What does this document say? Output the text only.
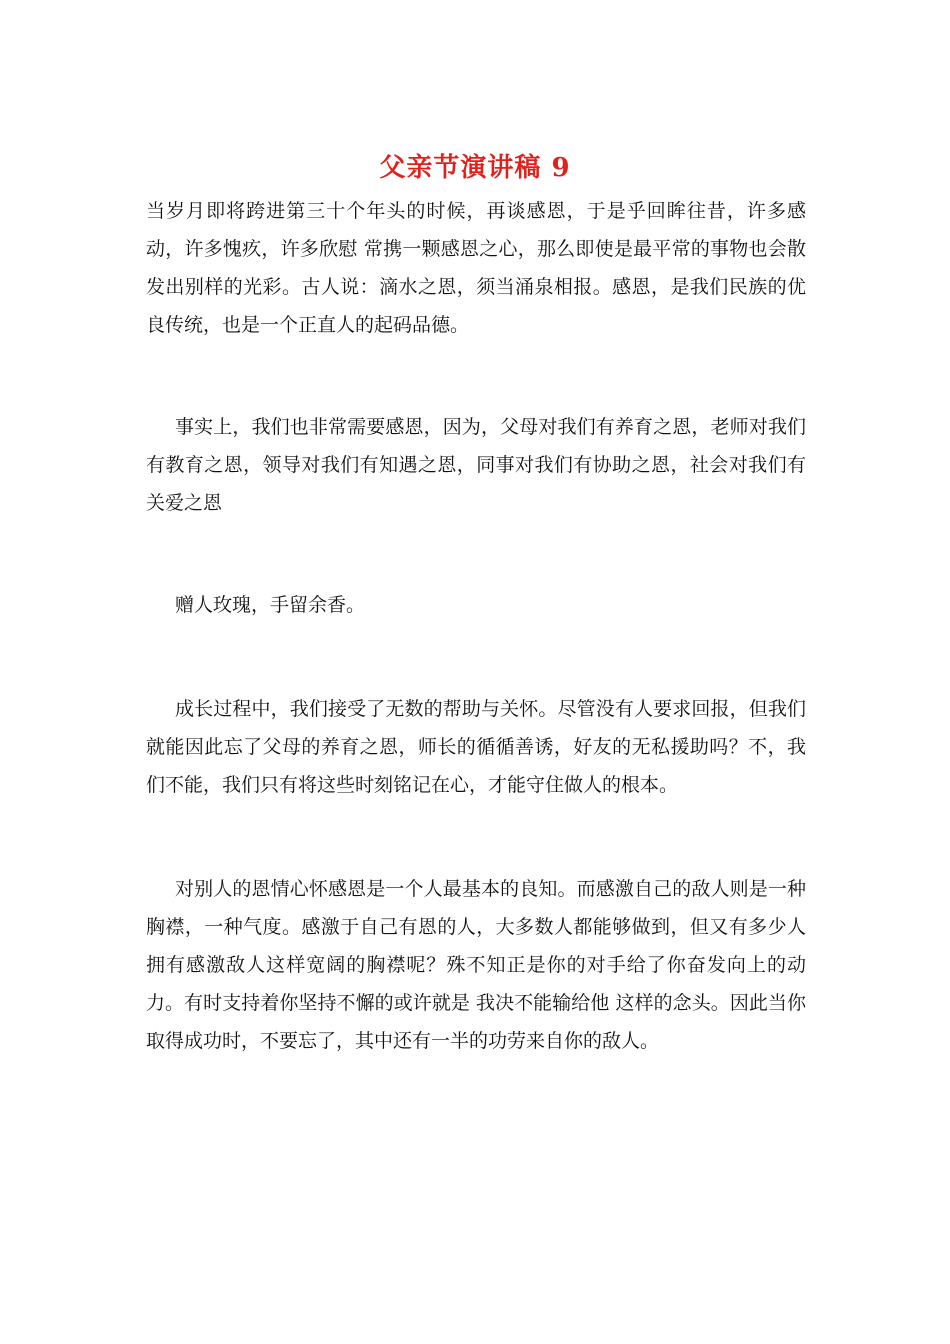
父亲节演讲稿 9

当岁月即将跨进第三十个年头的时候，再谈感恩，于是乎回眸往昔，许多感动，许多愧疚，许多欣慰 常携一颗感恩之心，那么即使是最平常的事物也会散发出别样的光彩。古人说：滴水之恩，须当涌泉相报。感恩，是我们民族的优良传统，也是一个正直人的起码品德。

事实上，我们也非常需要感恩，因为，父母对我们有养育之恩，老师对我们有教育之恩，领导对我们有知遇之恩，同事对我们有协助之恩，社会对我们有关爱之恩

赠人玫瑰，手留余香。

成长过程中，我们接受了无数的帮助与关怀。尽管没有人要求回报，但我们就能因此忘了父母的养育之恩，师长的循循善诱，好友的无私援助吗？不，我们不能，我们只有将这些时刻铭记在心，才能守住做人的根本。

对别人的恩情心怀感恩是一个人最基本的良知。而感激自己的敌人则是一种胸襟，一种气度。感激于自己有恩的人，大多数人都能够做到，但又有多少人拥有感激敌人这样宽阔的胸襟呢？殊不知正是你的对手给了你奋发向上的动力。有时支持着你坚持不懈的或许就是 我决不能输给他 这样的念头。因此当你取得成功时，不要忘了，其中还有一半的功劳来自你的敌人。
